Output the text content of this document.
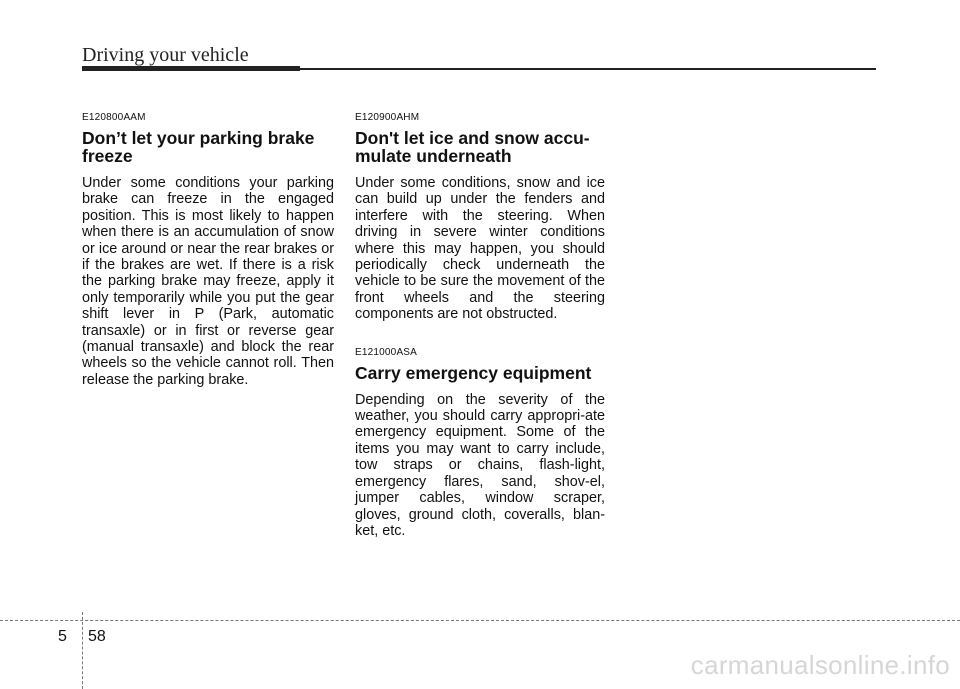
Driving your vehicle
E120800AAM
Don’t let your parking brake freeze

Under some conditions your parking brake can freeze in the engaged position. This is most likely to happen when there is an accumulation of snow or ice around or near the rear brakes or if the brakes are wet. If there is a risk the parking brake may freeze, apply it only temporarily while you put the gear shift lever in P (Park, automatic transaxle) or in first or reverse gear (manual transaxle) and block the rear wheels so the vehicle cannot roll. Then release the parking brake.

E120900AHM
Don't let ice and snow accu-mulate underneath

Under some conditions, snow and ice can build up under the fenders and interfere with the steering. When driving in severe winter conditions where this may happen, you should periodically check underneath the vehicle to be sure the movement of the front wheels and the steering components are not obstructed.

E121000ASA
Carry emergency equipment

Depending on the severity of the weather, you should carry appropri-ate emergency equipment. Some of the items you may want to carry include, tow straps or chains, flash-light, emergency flares, sand, shov-el, jumper cables, window scraper, gloves, ground cloth, coveralls, blan-ket, etc.

5 58
carmanualsonline.info
